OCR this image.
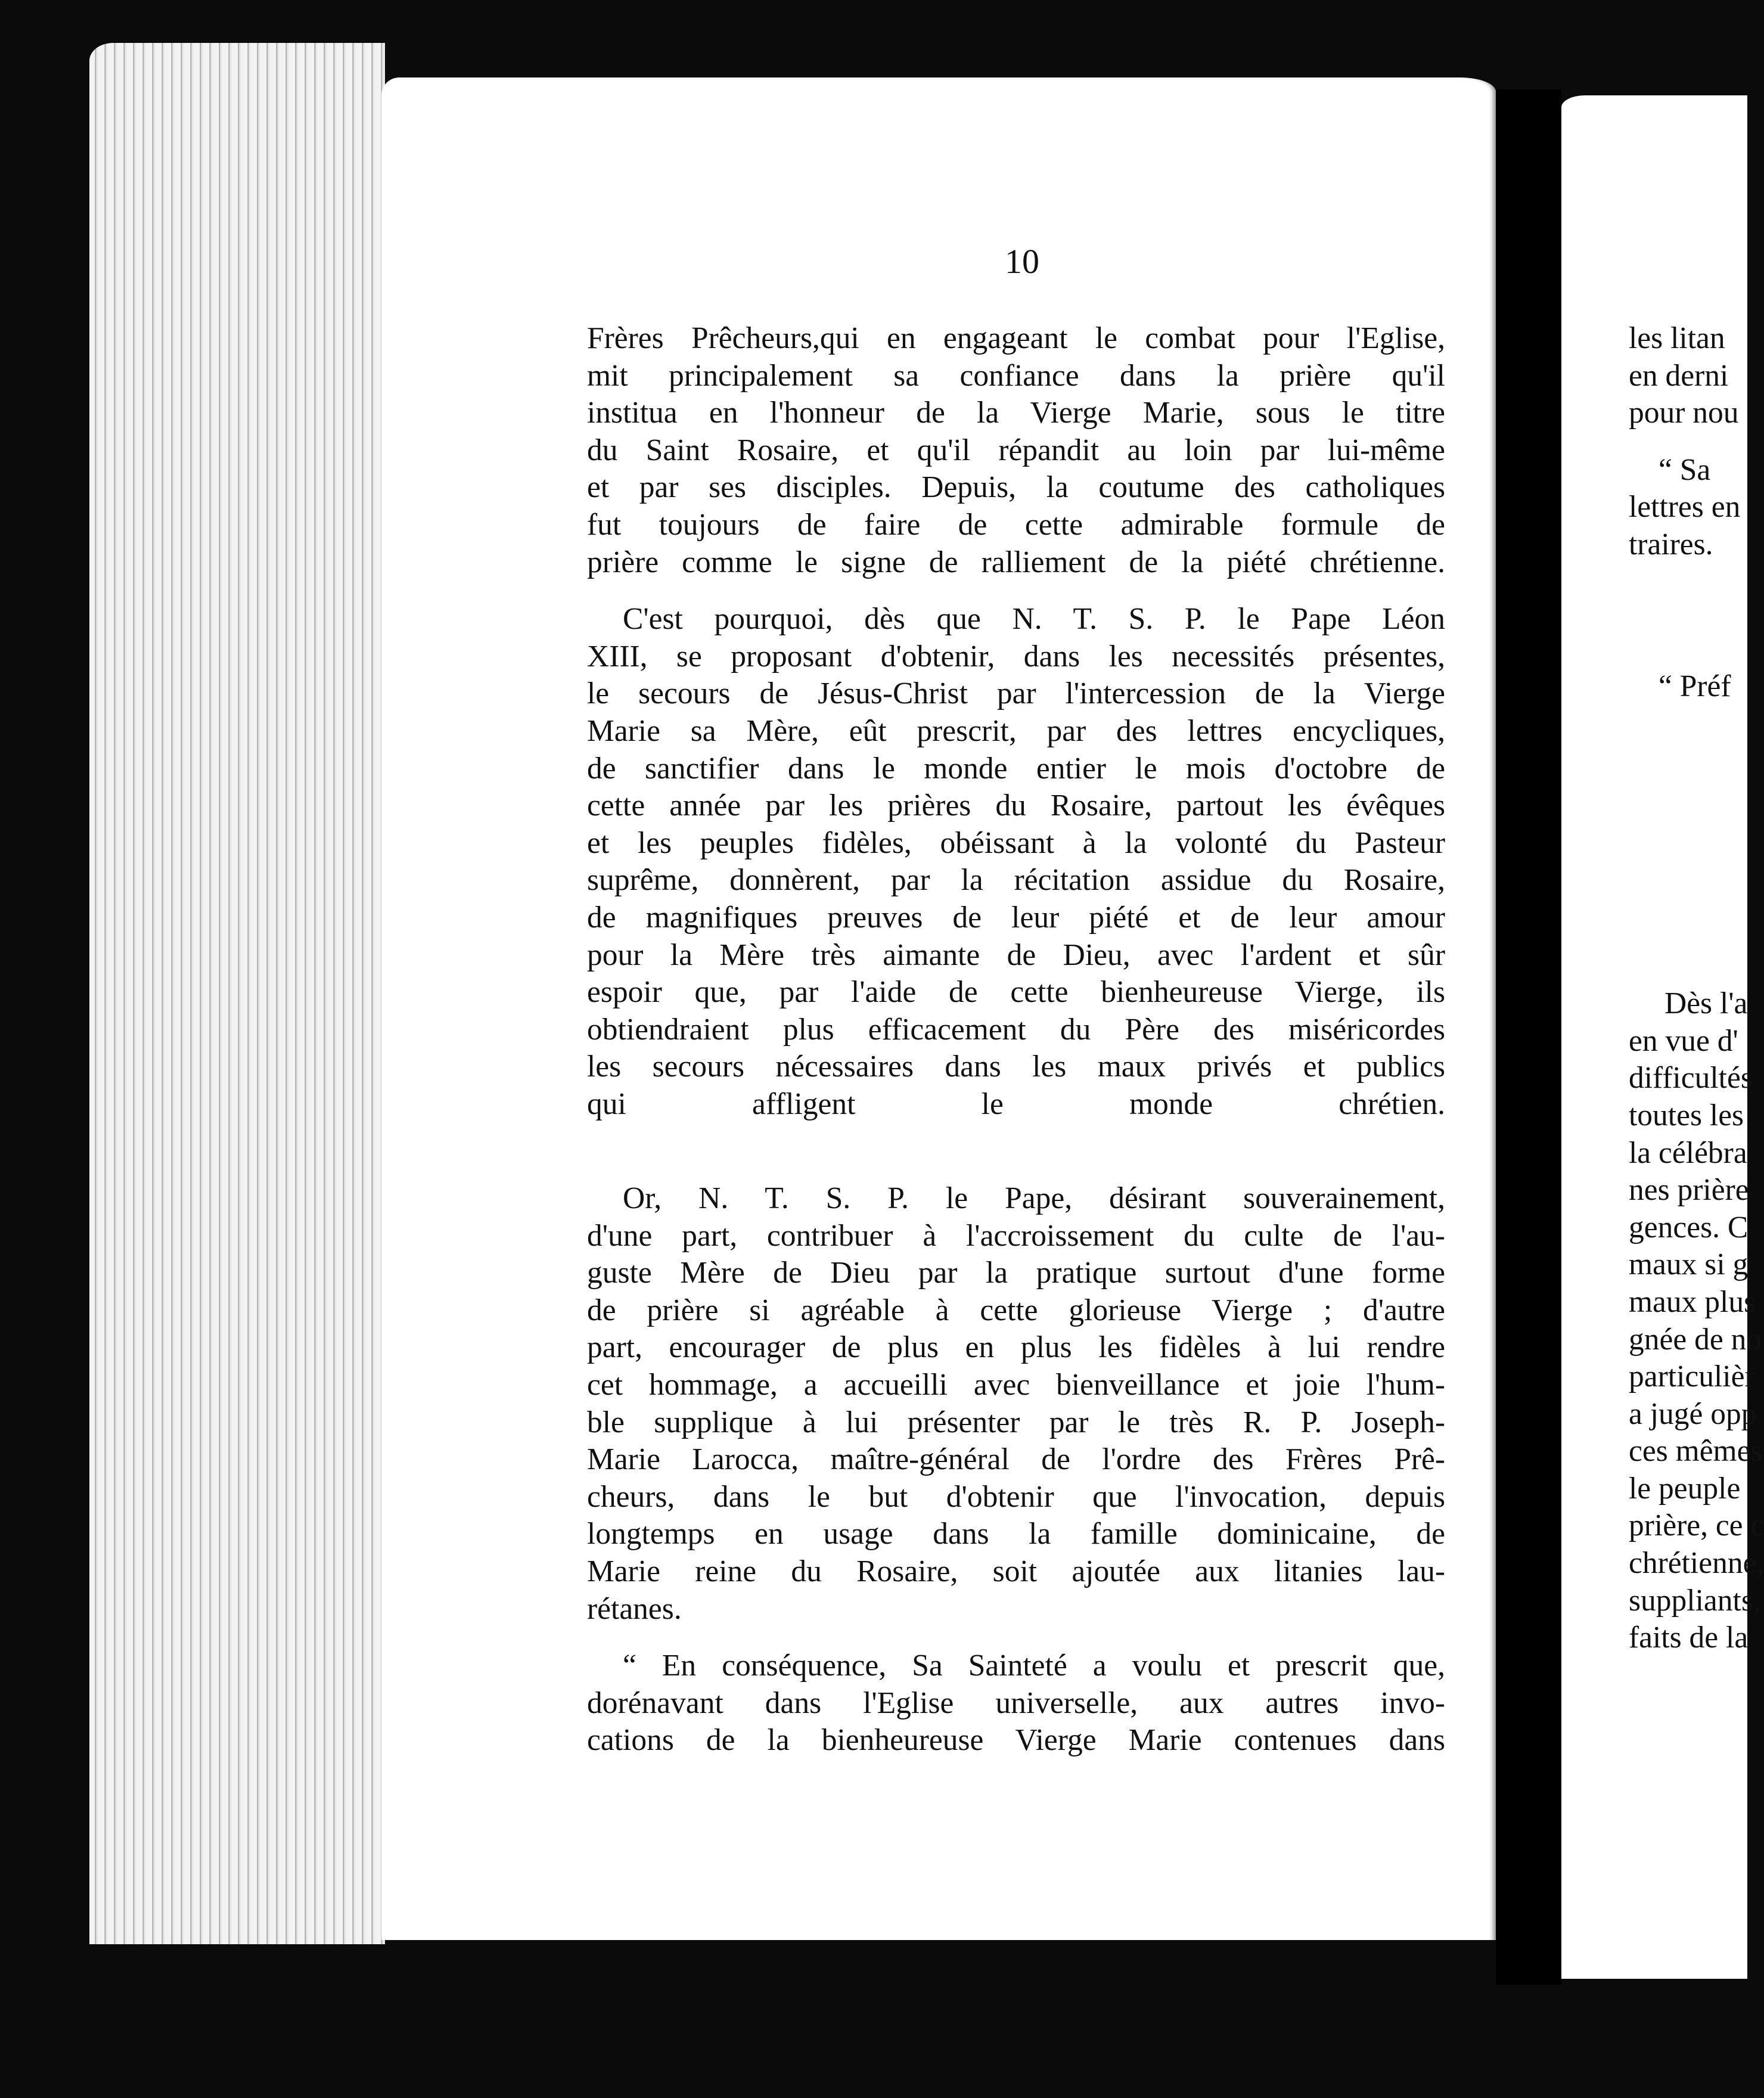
10
Frères Prêcheurs,qui en engageant le combat pour l'Eglise,
mit principalement sa confiance dans la prière qu'il
institua en l'honneur de la Vierge Marie, sous le titre
du Saint Rosaire, et qu'il répandit au loin par lui-même
et par ses disciples. Depuis, la coutume des catholiques
fut toujours de faire de cette admirable formule de
prière comme le signe de ralliement de la piété chrétienne.
C'est pourquoi, dès que N. T. S. P. le Pape Léon
XIII, se proposant d'obtenir, dans les necessités présentes,
le secours de Jésus-Christ par l'intercession de la Vierge
Marie sa Mère, eût prescrit, par des lettres encycliques,
de sanctifier dans le monde entier le mois d'octobre de
cette année par les prières du Rosaire, partout les évêques
et les peuples fidèles, obéissant à la volonté du Pasteur
suprême, donnèrent, par la récitation assidue du Rosaire,
de magnifiques preuves de leur piété et de leur amour
pour la Mère très aimante de Dieu, avec l'ardent et sûr
espoir que, par l'aide de cette bienheureuse Vierge, ils
obtiendraient plus efficacement du Père des miséricordes
les secours nécessaires dans les maux privés et publics
qui affligent le monde chrétien.
Or, N. T. S. P. le Pape, désirant souverainement,
d'une part, contribuer à l'accroissement du culte de l'au-
guste Mère de Dieu par la pratique surtout d'une forme
de prière si agréable à cette glorieuse Vierge ; d'autre
part, encourager de plus en plus les fidèles à lui rendre
cet hommage, a accueilli avec bienveillance et joie l'hum-
ble supplique à lui présenter par le très R. P. Joseph-
Marie Larocca, maître-général de l'ordre des Frères Prê-
cheurs, dans le but d'obtenir que l'invocation, depuis
longtemps en usage dans la famille dominicaine, de
Marie reine du Rosaire, soit ajoutée aux litanies lau-
rétanes.
“ En conséquence, Sa Sainteté a voulu et prescrit que,
dorénavant dans l'Eglise universelle, aux autres invo-
cations de la bienheureuse Vierge Marie contenues dans
les litan
en derni
pour nou
“ Sa
lettres en
traires.
“ Préf
Dès l'a
en vue d'
difficultés
toutes les
la célébra
nes prière
gences. C
maux si g
maux plus
gnée de no
particulièr
a jugé opp
ces mêmes
le peuple
prière, ce c
chrétienne,
suppliants,
faits de la
